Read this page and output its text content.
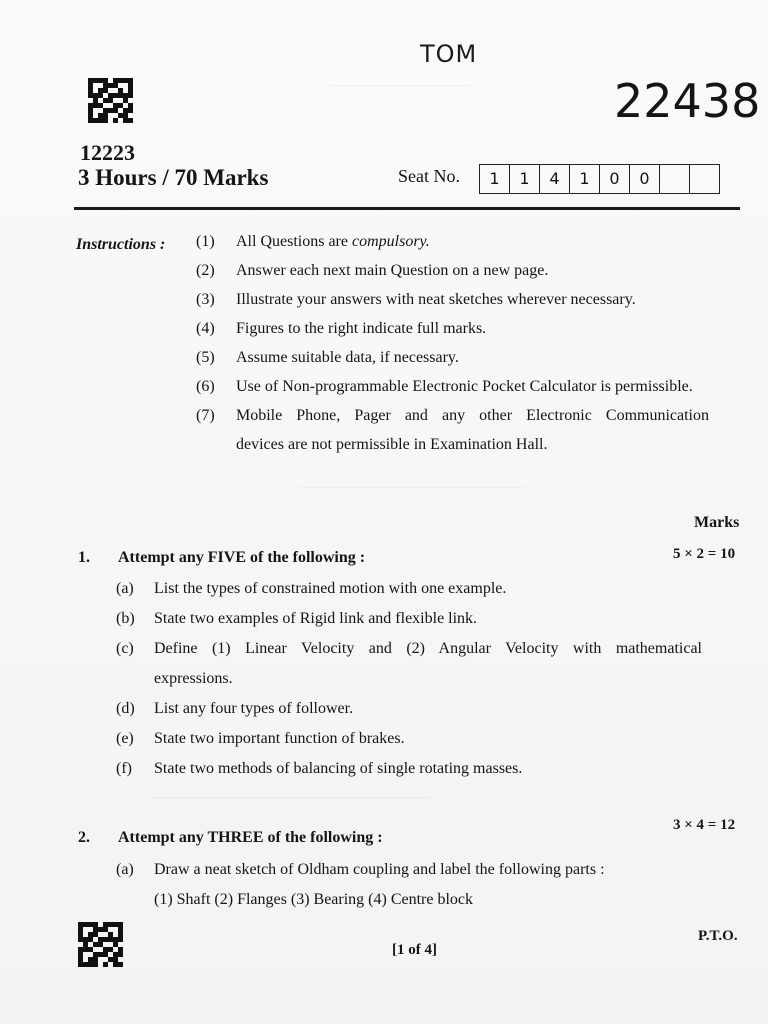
——————————
————————————————
————————————————————
TOM
22438
12223
3 Hours / 70 Marks	Seat No.	1	1	4	1	0	0
Instructions : (1)	All Questions are compulsory.
(2)	Answer each next main Question on a new page.
(3)	Illustrate your answers with neat sketches wherever necessary.
(4)	Figures to the right indicate full marks.
(5)	Assume suitable data, if necessary.
(6)	Use of Non-programmable Electronic Pocket Calculator is permissible.
(7)	Mobile Phone, Pager and any other Electronic Communication
devices are not permissible in Examination Hall.
Marks
1.	Attempt any FIVE of the following :	5 × 2 = 10
(a)	List the types of constrained motion with one example.
(b)	State two examples of Rigid link and flexible link.
(c)	Define (1) Linear Velocity and (2) Angular Velocity with mathematical
expressions.
(d)	List any four types of follower.
(e)	State two important function of brakes.
(f)	State two methods of balancing of single rotating masses.
3 × 4 = 12
2.	Attempt any THREE of the following :
(a)	Draw a neat sketch of Oldham coupling and label the following parts :
(1) Shaft (2) Flanges (3) Bearing (4) Centre block
[1 of 4]
P.T.O.
